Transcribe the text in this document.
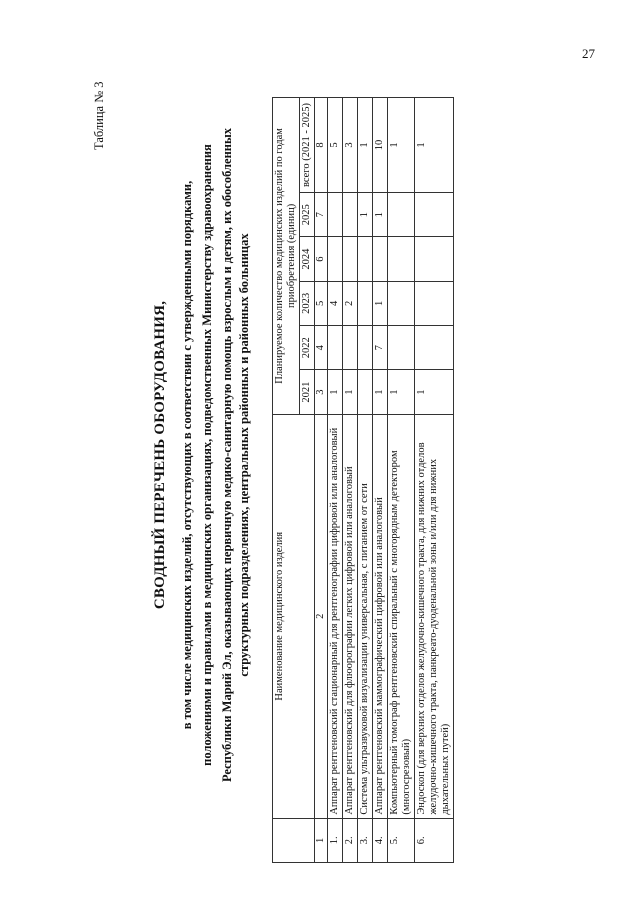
27
Таблица № 3
СВОДНЫЙ ПЕРЕЧЕНЬ ОБОРУДОВАНИЯ, в том числе медицинских изделий, отсутствующих в соответствии с утвержденными порядками, положениями и правилами в медицинских организациях, подведомственных Министерству здравоохранения Республики Марий Эл, оказывающих первичную медико-санитарную помощь взрослым и детям, их обособленных структурных подразделениях, центральных районных и районных больницах
	Наименование медицинского изделия	Планируемое количество медицинских изделий по годам приобретения (единиц)					
		2021	2022	2023	2024	2025	всего (2021 - 2025)
1	2	3	4	5	6	7	8
1.	Аппарат рентгеновский стационарный для рентгенографии цифровой или аналоговый	1		4			5
2.	Аппарат рентгеновский для флюорографии легких цифровой или аналоговый	1		2			3
3.	Система ультразвуковой визуализации универсальная, с питанием от сети					1	1
4.	Аппарат рентгеновский маммографический цифровой или аналоговый	1	7	1		1	10
5.	Компьютерный томограф рентгеновский спиральный с многорядным детектором (многосрезовый)	1					1
6.	Эндоскоп (для верхних отделов желудочно-кишечного тракта, для нижних отделов желудочно-кишечного тракта, панкреато-дуоденальной зоны и/или для нижних дыхательных путей)	1					1
